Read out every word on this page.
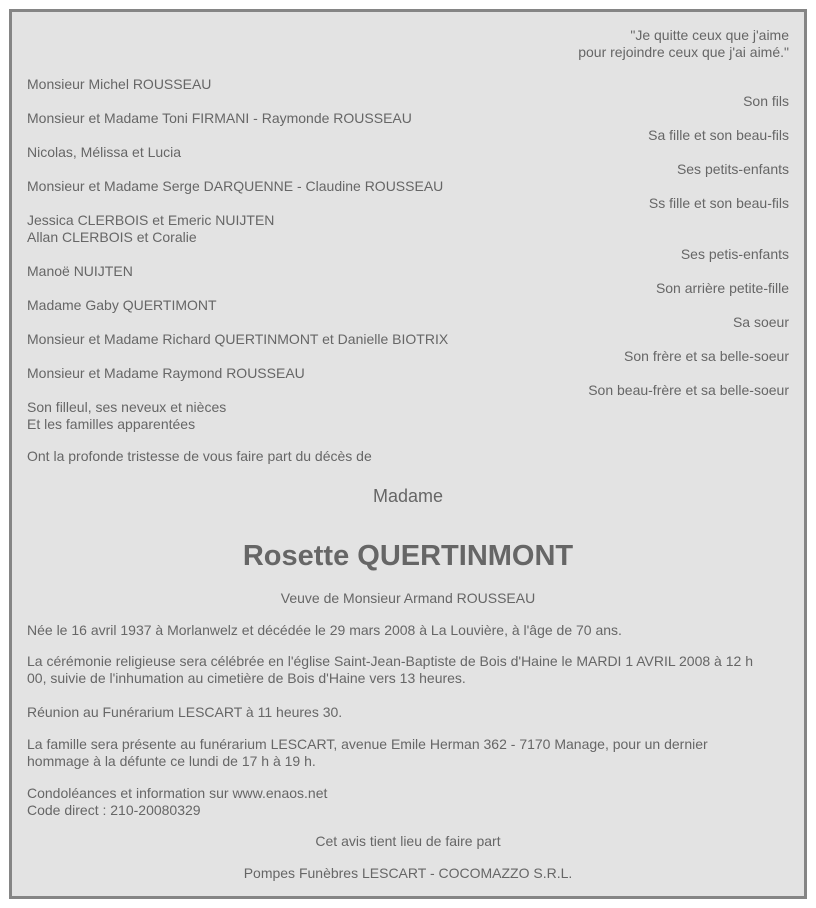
"Je quitte ceux que j'aime
pour rejoindre ceux que j'ai aimé."
Monsieur Michel ROUSSEAU
Son fils
Monsieur et Madame Toni FIRMANI - Raymonde ROUSSEAU
Sa fille et son beau-fils
Nicolas, Mélissa et Lucia
Ses petits-enfants
Monsieur et Madame Serge DARQUENNE - Claudine ROUSSEAU
Ss fille et son beau-fils
Jessica CLERBOIS et Emeric NUIJTEN
Allan CLERBOIS et Coralie
Ses petis-enfants
Manoë NUIJTEN
Son arrière petite-fille
Madame Gaby QUERTIMONT
Sa soeur
Monsieur et Madame Richard QUERTINMONT et Danielle BIOTRIX
Son frère et sa belle-soeur
Monsieur et Madame Raymond ROUSSEAU
Son beau-frère et sa belle-soeur
Son filleul, ses neveux et nièces
Et les familles apparentées
Ont la profonde tristesse de vous faire part du décès de
Madame
Rosette QUERTINMONT
Veuve de Monsieur Armand ROUSSEAU
Née le 16 avril 1937 à Morlanwelz et décédée le 29 mars 2008 à La Louvière, à l'âge de 70 ans.
La cérémonie religieuse sera célébrée en l'église Saint-Jean-Baptiste de Bois d'Haine le MARDI 1 AVRIL 2008 à 12 h
00, suivie de l'inhumation au cimetière de Bois d'Haine vers 13 heures.
Réunion au Funérarium LESCART à 11 heures 30.
La famille sera présente au funérarium LESCART, avenue Emile Herman 362 - 7170 Manage, pour un dernier
hommage à la défunte ce lundi de 17 h à 19 h.
Condoléances et information sur www.enaos.net
Code direct : 210-20080329
Cet avis tient lieu de faire part
Pompes Funèbres LESCART - COCOMAZZO S.R.L.
